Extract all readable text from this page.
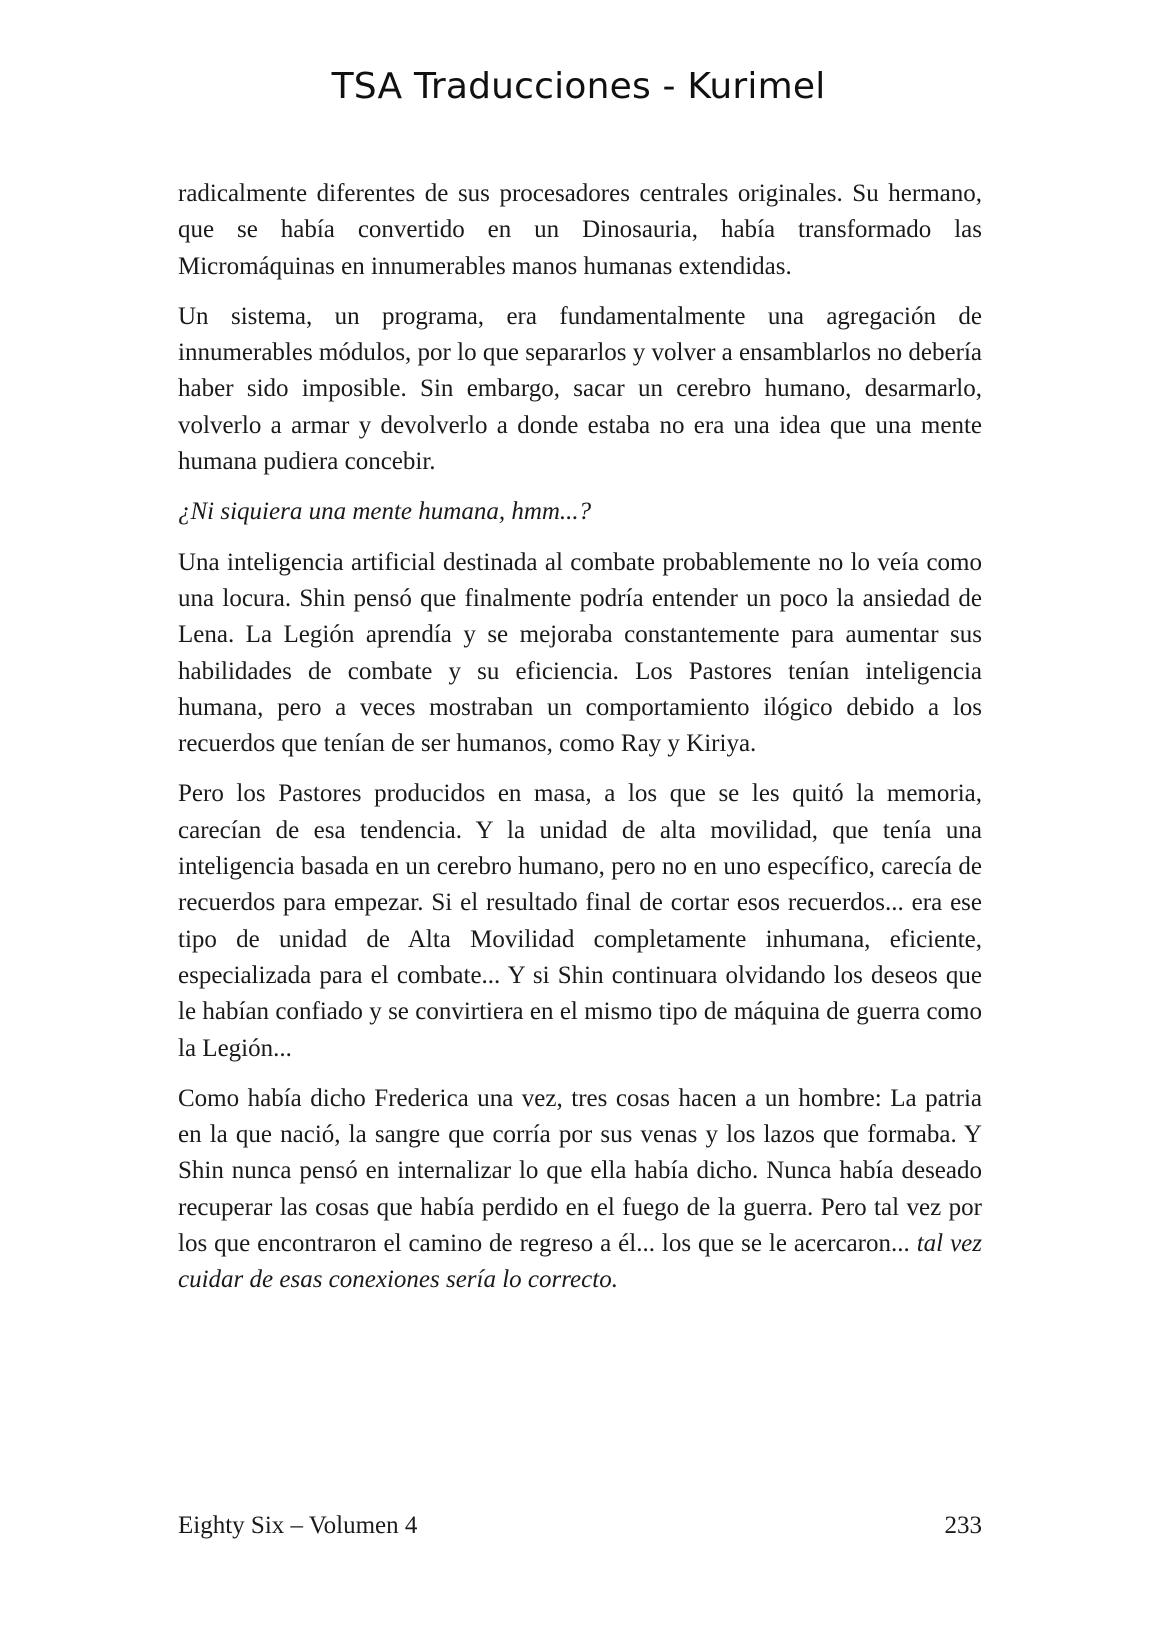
TSA Traducciones - Kurimel

radicalmente diferentes de sus procesadores centrales originales. Su hermano, que se había convertido en un Dinosauria, había transformado las Micromáquinas en innumerables manos humanas extendidas.

Un sistema, un programa, era fundamentalmente una agregación de innumerables módulos, por lo que separarlos y volver a ensamblarlos no debería haber sido imposible. Sin embargo, sacar un cerebro humano, desarmarlo, volverlo a armar y devolverlo a donde estaba no era una idea que una mente humana pudiera concebir.

¿Ni siquiera una mente humana, hmm...?

Una inteligencia artificial destinada al combate probablemente no lo veía como una locura. Shin pensó que finalmente podría entender un poco la ansiedad de Lena. La Legión aprendía y se mejoraba constantemente para aumentar sus habilidades de combate y su eficiencia. Los Pastores tenían inteligencia humana, pero a veces mostraban un comportamiento ilógico debido a los recuerdos que tenían de ser humanos, como Ray y Kiriya.

Pero los Pastores producidos en masa, a los que se les quitó la memoria, carecían de esa tendencia. Y la unidad de alta movilidad, que tenía una inteligencia basada en un cerebro humano, pero no en uno específico, carecía de recuerdos para empezar. Si el resultado final de cortar esos recuerdos... era ese tipo de unidad de Alta Movilidad completamente inhumana, eficiente, especializada para el combate... Y si Shin continuara olvidando los deseos que le habían confiado y se convirtiera en el mismo tipo de máquina de guerra como la Legión...

Como había dicho Frederica una vez, tres cosas hacen a un hombre: La patria en la que nació, la sangre que corría por sus venas y los lazos que formaba. Y Shin nunca pensó en internalizar lo que ella había dicho. Nunca había deseado recuperar las cosas que había perdido en el fuego de la guerra. Pero tal vez por los que encontraron el camino de regreso a él... los que se le acercaron... tal vez cuidar de esas conexiones sería lo correcto.

Eighty Six – Volumen 4	233
